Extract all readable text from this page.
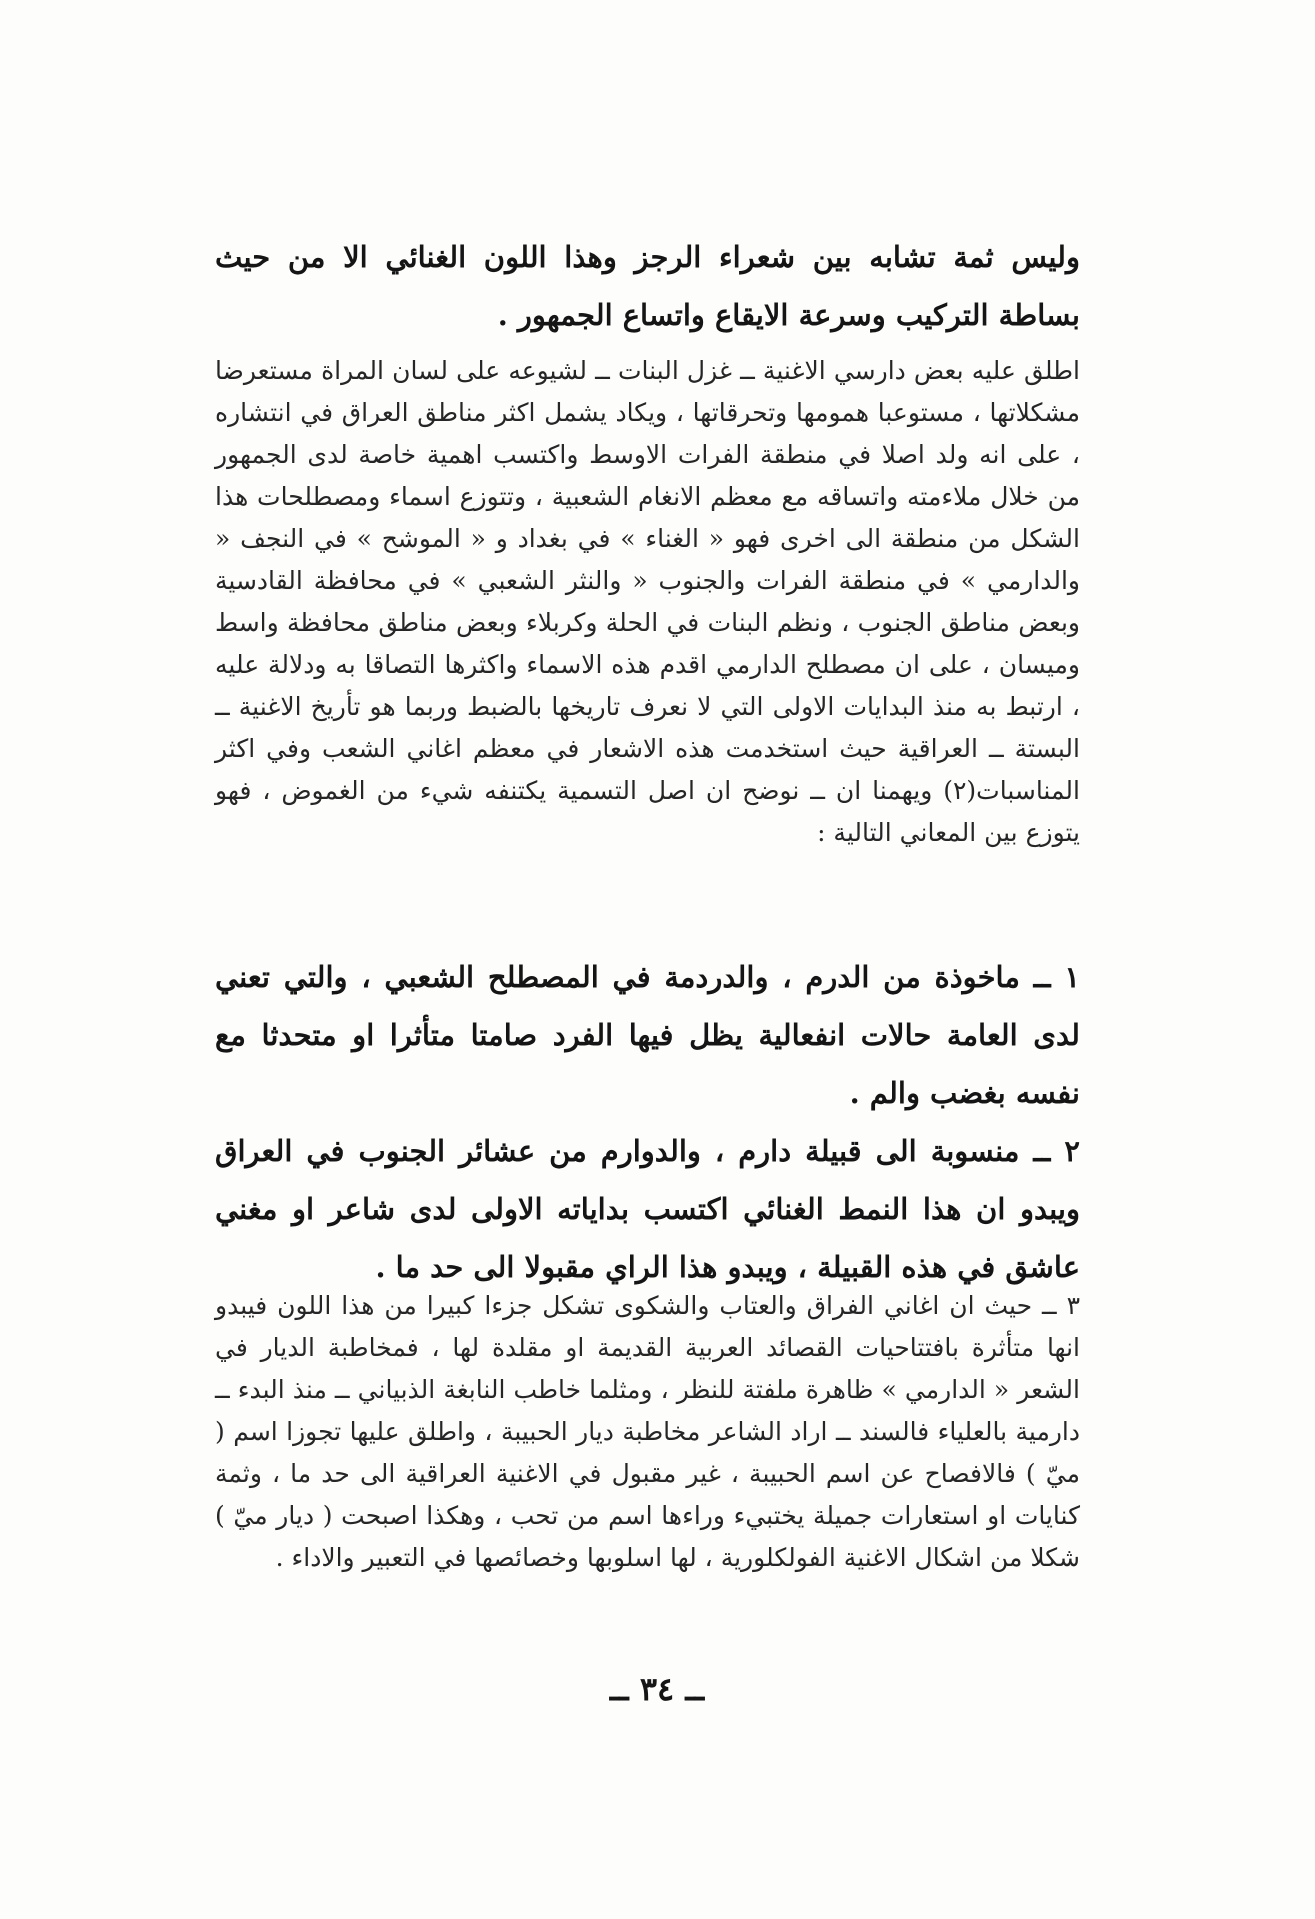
وليس ثمة تشابه بين شعراء الرجز وهذا اللون الغنائي الا من حيث بساطة التركيب وسرعة الايقاع واتساع الجمهور .
اطلق عليه بعض دارسي الاغنية ــ غزل البنات ــ لشيوعه على لسان المراة مستعرضا مشكلاتها ، مستوعبا همومها وتحرقاتها ، ويكاد يشمل اكثر مناطق العراق في انتشاره ، على انه ولد اصلا في منطقة الفرات الاوسط واكتسب اهمية خاصة لدى الجمهور من خلال ملاءمته واتساقه مع معظم الانغام الشعبية ، وتتوزع اسماء ومصطلحات هذا الشكل من منطقة الى اخرى فهو « الغناء » في بغداد و « الموشح » في النجف « والدارمي » في منطقة الفرات والجنوب « والنثر الشعبي » في محافظة القادسية وبعض مناطق الجنوب ، ونظم البنات في الحلة وكربلاء وبعض مناطق محافظة واسط وميسان ، على ان مصطلح الدارمي اقدم هذه الاسماء واكثرها التصاقا به ودلالة عليه ، ارتبط به منذ البدايات الاولى التي لا نعرف تاريخها بالضبط وربما هو تأريخ الاغنية ــ البستة ــ العراقية حيث استخدمت هذه الاشعار في معظم اغاني الشعب وفي اكثر المناسبات(٢) ويهمنا ان ــ نوضح ان اصل التسمية يكتنفه شيء من الغموض ، فهو يتوزع بين المعاني التالية :
١ ــ ماخوذة من الدرم ، والدردمة في المصطلح الشعبي ، والتي تعني لدى العامة حالات انفعالية يظل فيها الفرد صامتا متأثرا او متحدثا مع نفسه بغضب والم .
٢ ــ منسوبة الى قبيلة دارم ، والدوارم من عشائر الجنوب في العراق ويبدو ان هذا النمط الغنائي اكتسب بداياته الاولى لدى شاعر او مغني عاشق في هذه القبيلة ، ويبدو هذا الراي مقبولا الى حد ما .
٣ ــ حيث ان اغاني الفراق والعتاب والشكوى تشكل جزءا كبيرا من هذا اللون فيبدو انها متأثرة بافتتاحيات القصائد العربية القديمة او مقلدة لها ، فمخاطبة الديار في الشعر « الدارمي » ظاهرة ملفتة للنظر ، ومثلما خاطب النابغة الذبياني ــ منذ البدء ــ دارمية بالعلياء فالسند ــ اراد الشاعر مخاطبة ديار الحبيبة ، واطلق عليها تجوزا اسم ( ميّ ) فالافصاح عن اسم الحبيبة ، غير مقبول في الاغنية العراقية الى حد ما ، وثمة كنايات او استعارات جميلة يختبيء وراءها اسم من تحب ، وهكذا اصبحت ( ديار ميّ ) شكلا من اشكال الاغنية الفولكلورية ، لها اسلوبها وخصائصها في التعبير والاداء .
ــ ٣٤ ــ
